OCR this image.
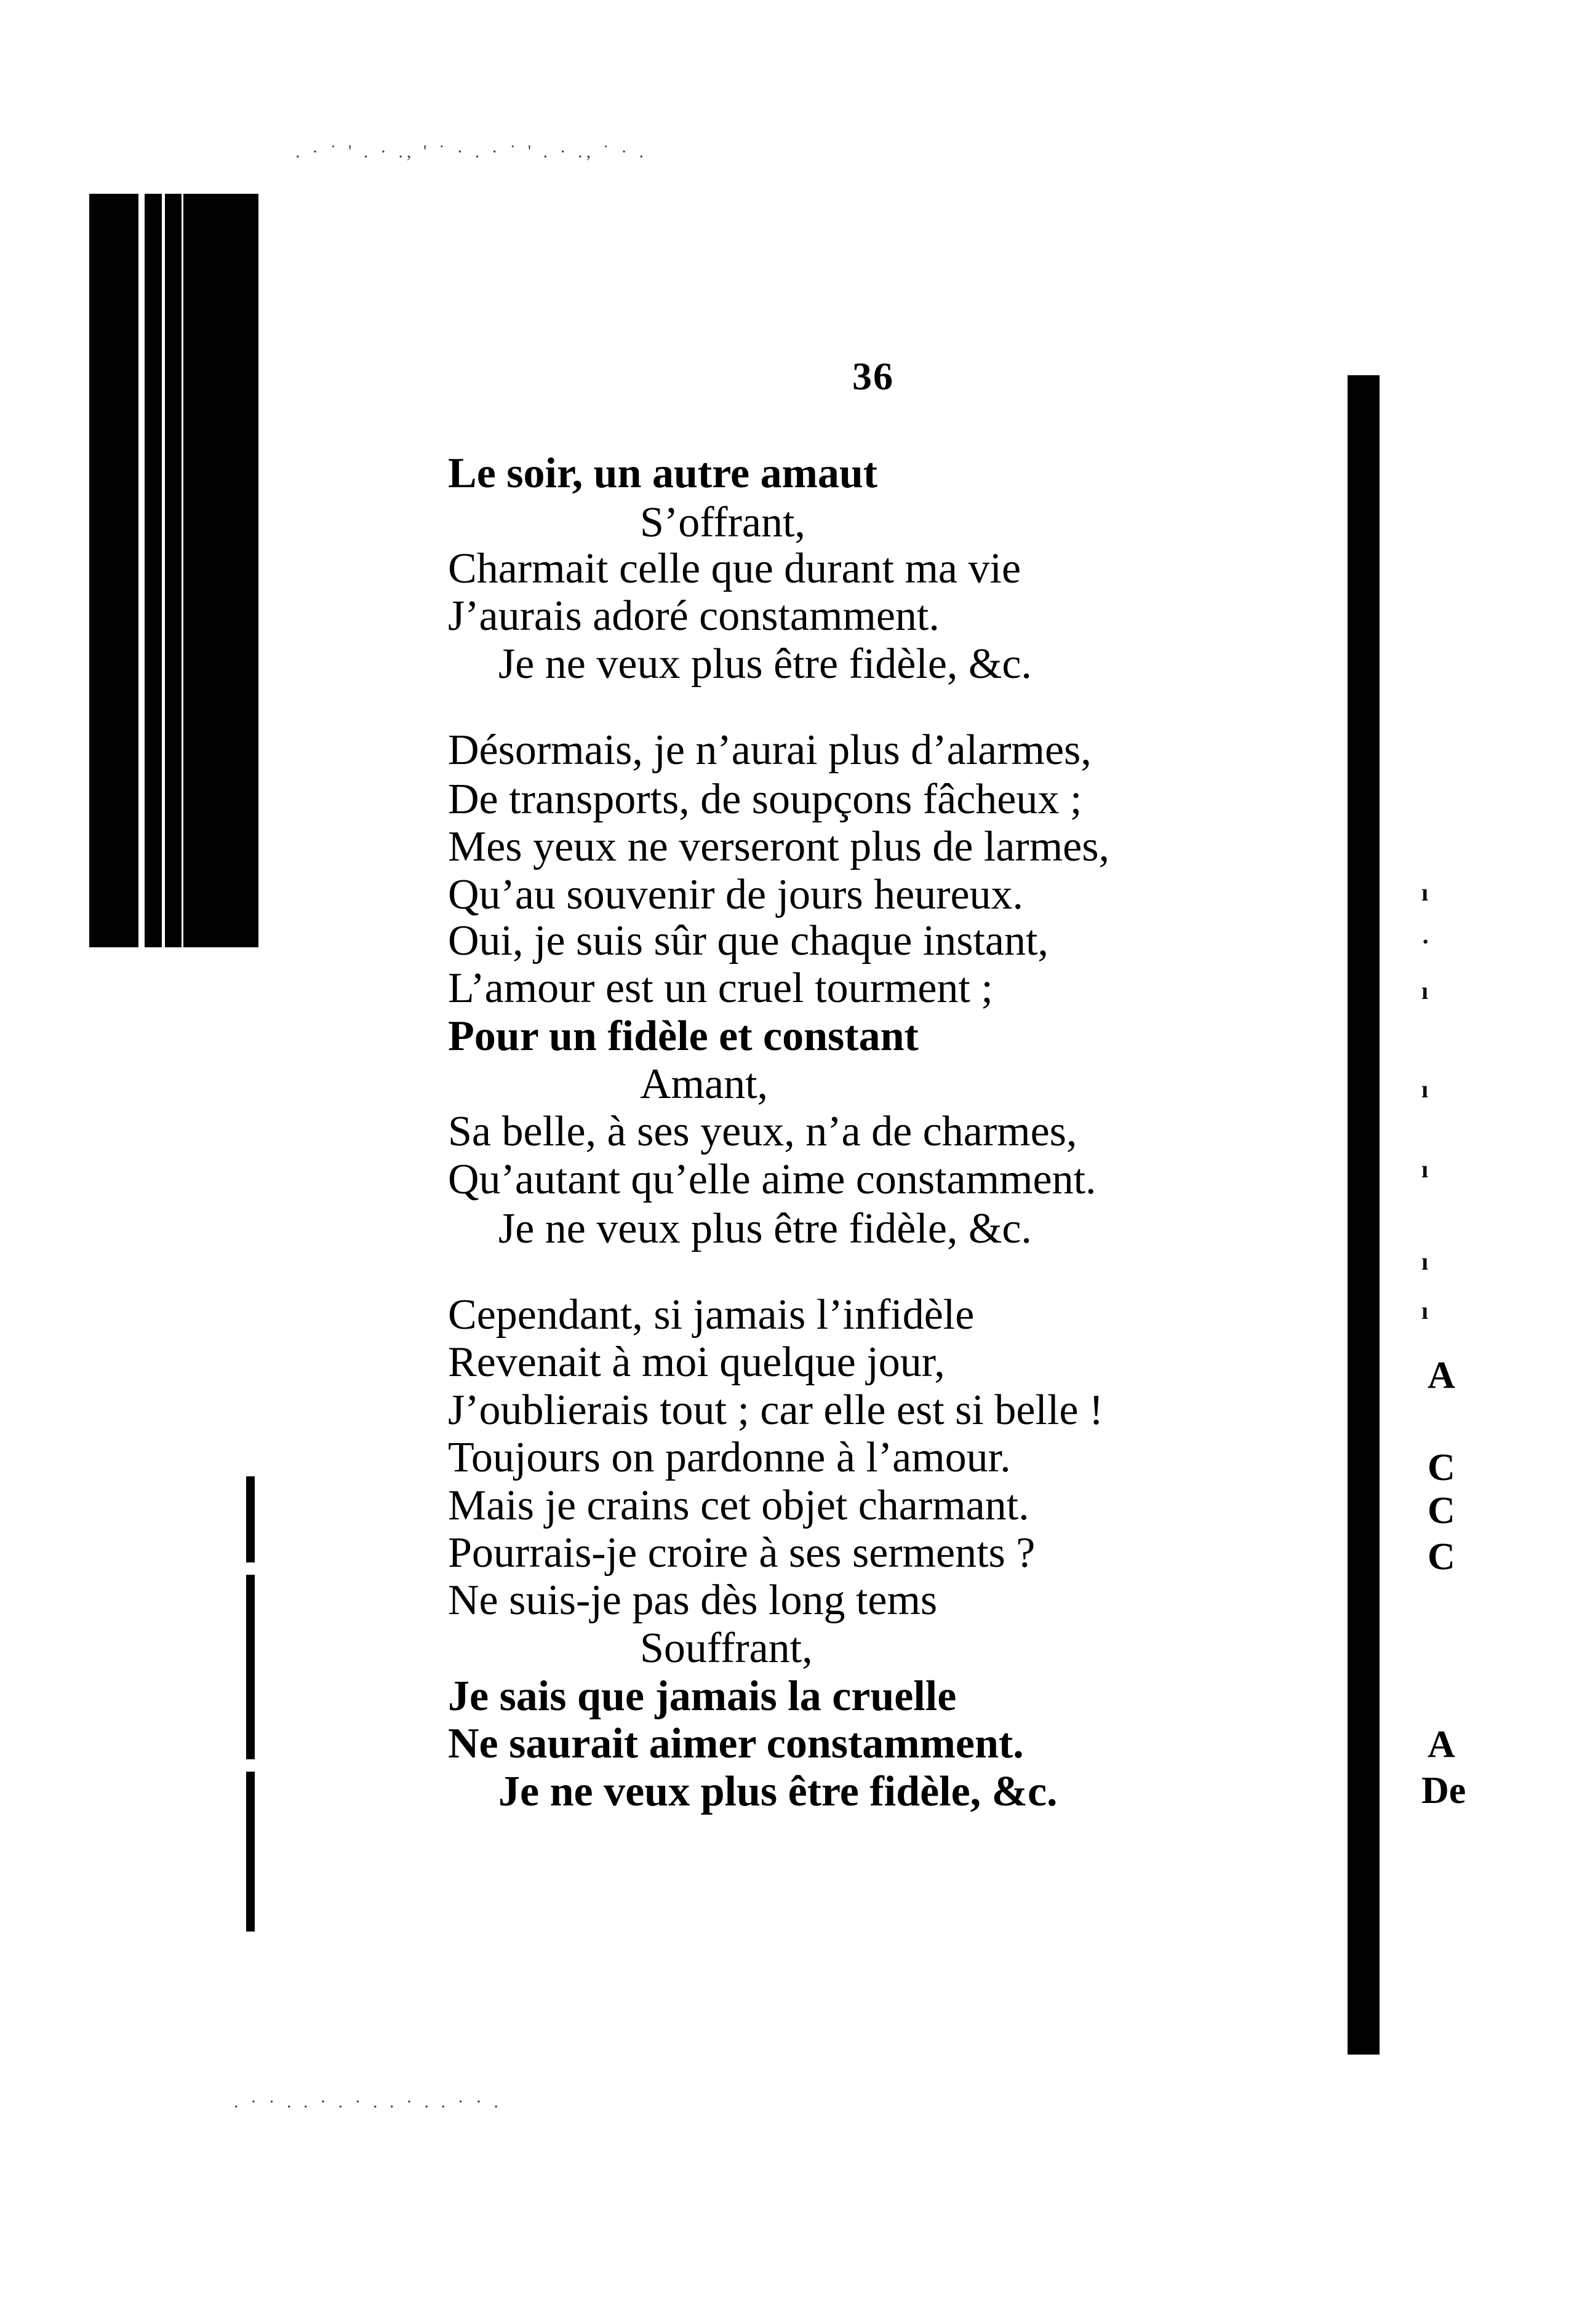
. · ˙ ' . · ., ' ˙ · . · ˙ ' . · ., ˙ · .
. · · . . · . · . . · . . · · .
36
Le soir, un autre amaut
S’offrant,
Charmait celle que durant ma vie
J’aurais adoré constamment.
Je ne veux plus être fidèle, &c.
Désormais, je n’aurai plus d’alarmes,
De transports, de soupçons fâcheux ;
Mes yeux ne verseront plus de larmes,
Qu’au souvenir de jours heureux.
Oui, je suis sûr que chaque instant,
L’amour est un cruel tourment ;
Pour un fidèle et constant
Amant,
Sa belle, à ses yeux, n’a de charmes,
Qu’autant qu’elle aime constamment.
Je ne veux plus être fidèle, &c.
Cependant, si jamais l’infidèle
Revenait à moi quelque jour,
J’oublierais tout ; car elle est si belle !
Toujours on pardonne à l’amour.
Mais je crains cet objet charmant.
Pourrais-je croire à ses serments ?
Ne suis-je pas dès long tems
Souffrant,
Je sais que jamais la cruelle
Ne saurait aimer constamment.
Je ne veux plus être fidèle, &c.
ı
·
ı
ı
ı
ı
ı
A
C
C
C
A
De
